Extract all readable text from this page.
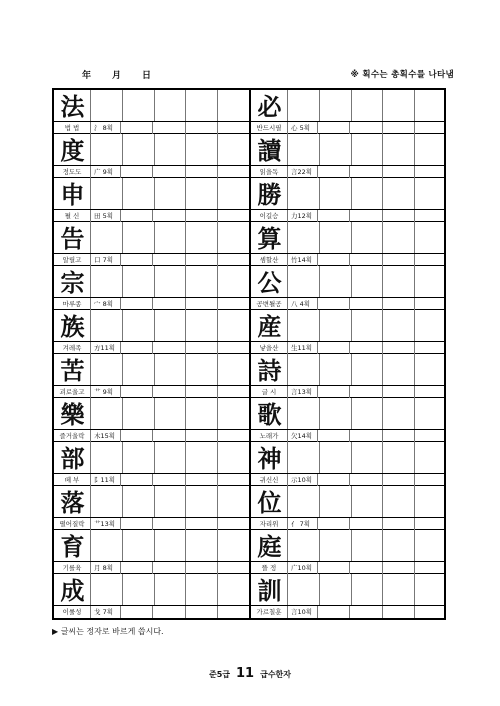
年 月 日	※ 획수는 총획수를 나타냄
法
법 법	氵 8획
度
정도도	广 9획
申
펼 신	田 5획
告
알릴고	口 7획
宗
마루종	宀 8획
族
겨레족	方11획
苦
괴로울고	艹 9획
樂
즐거울락	木15획
部
떼 부	阝11획
落
떨어질락	艹13획
育
기를육	月 8획
成
이룰성	戈 7획
必
반드시필	心 5획
讀
읽을독	言22획
勝
이길승	力12획
算
셈할산	竹14획
公
공변될공	八 4획
産
낳을산	生11획
詩
글 시	言13획
歌
노래가	欠14획
神
귀신신	示10획
位
자리위	亻 7획
庭
뜰 정	广10획
訓
가르칠훈	言10획
▶ 글씨는 정자로 바르게 씁시다.
준5급 11 급수한자
